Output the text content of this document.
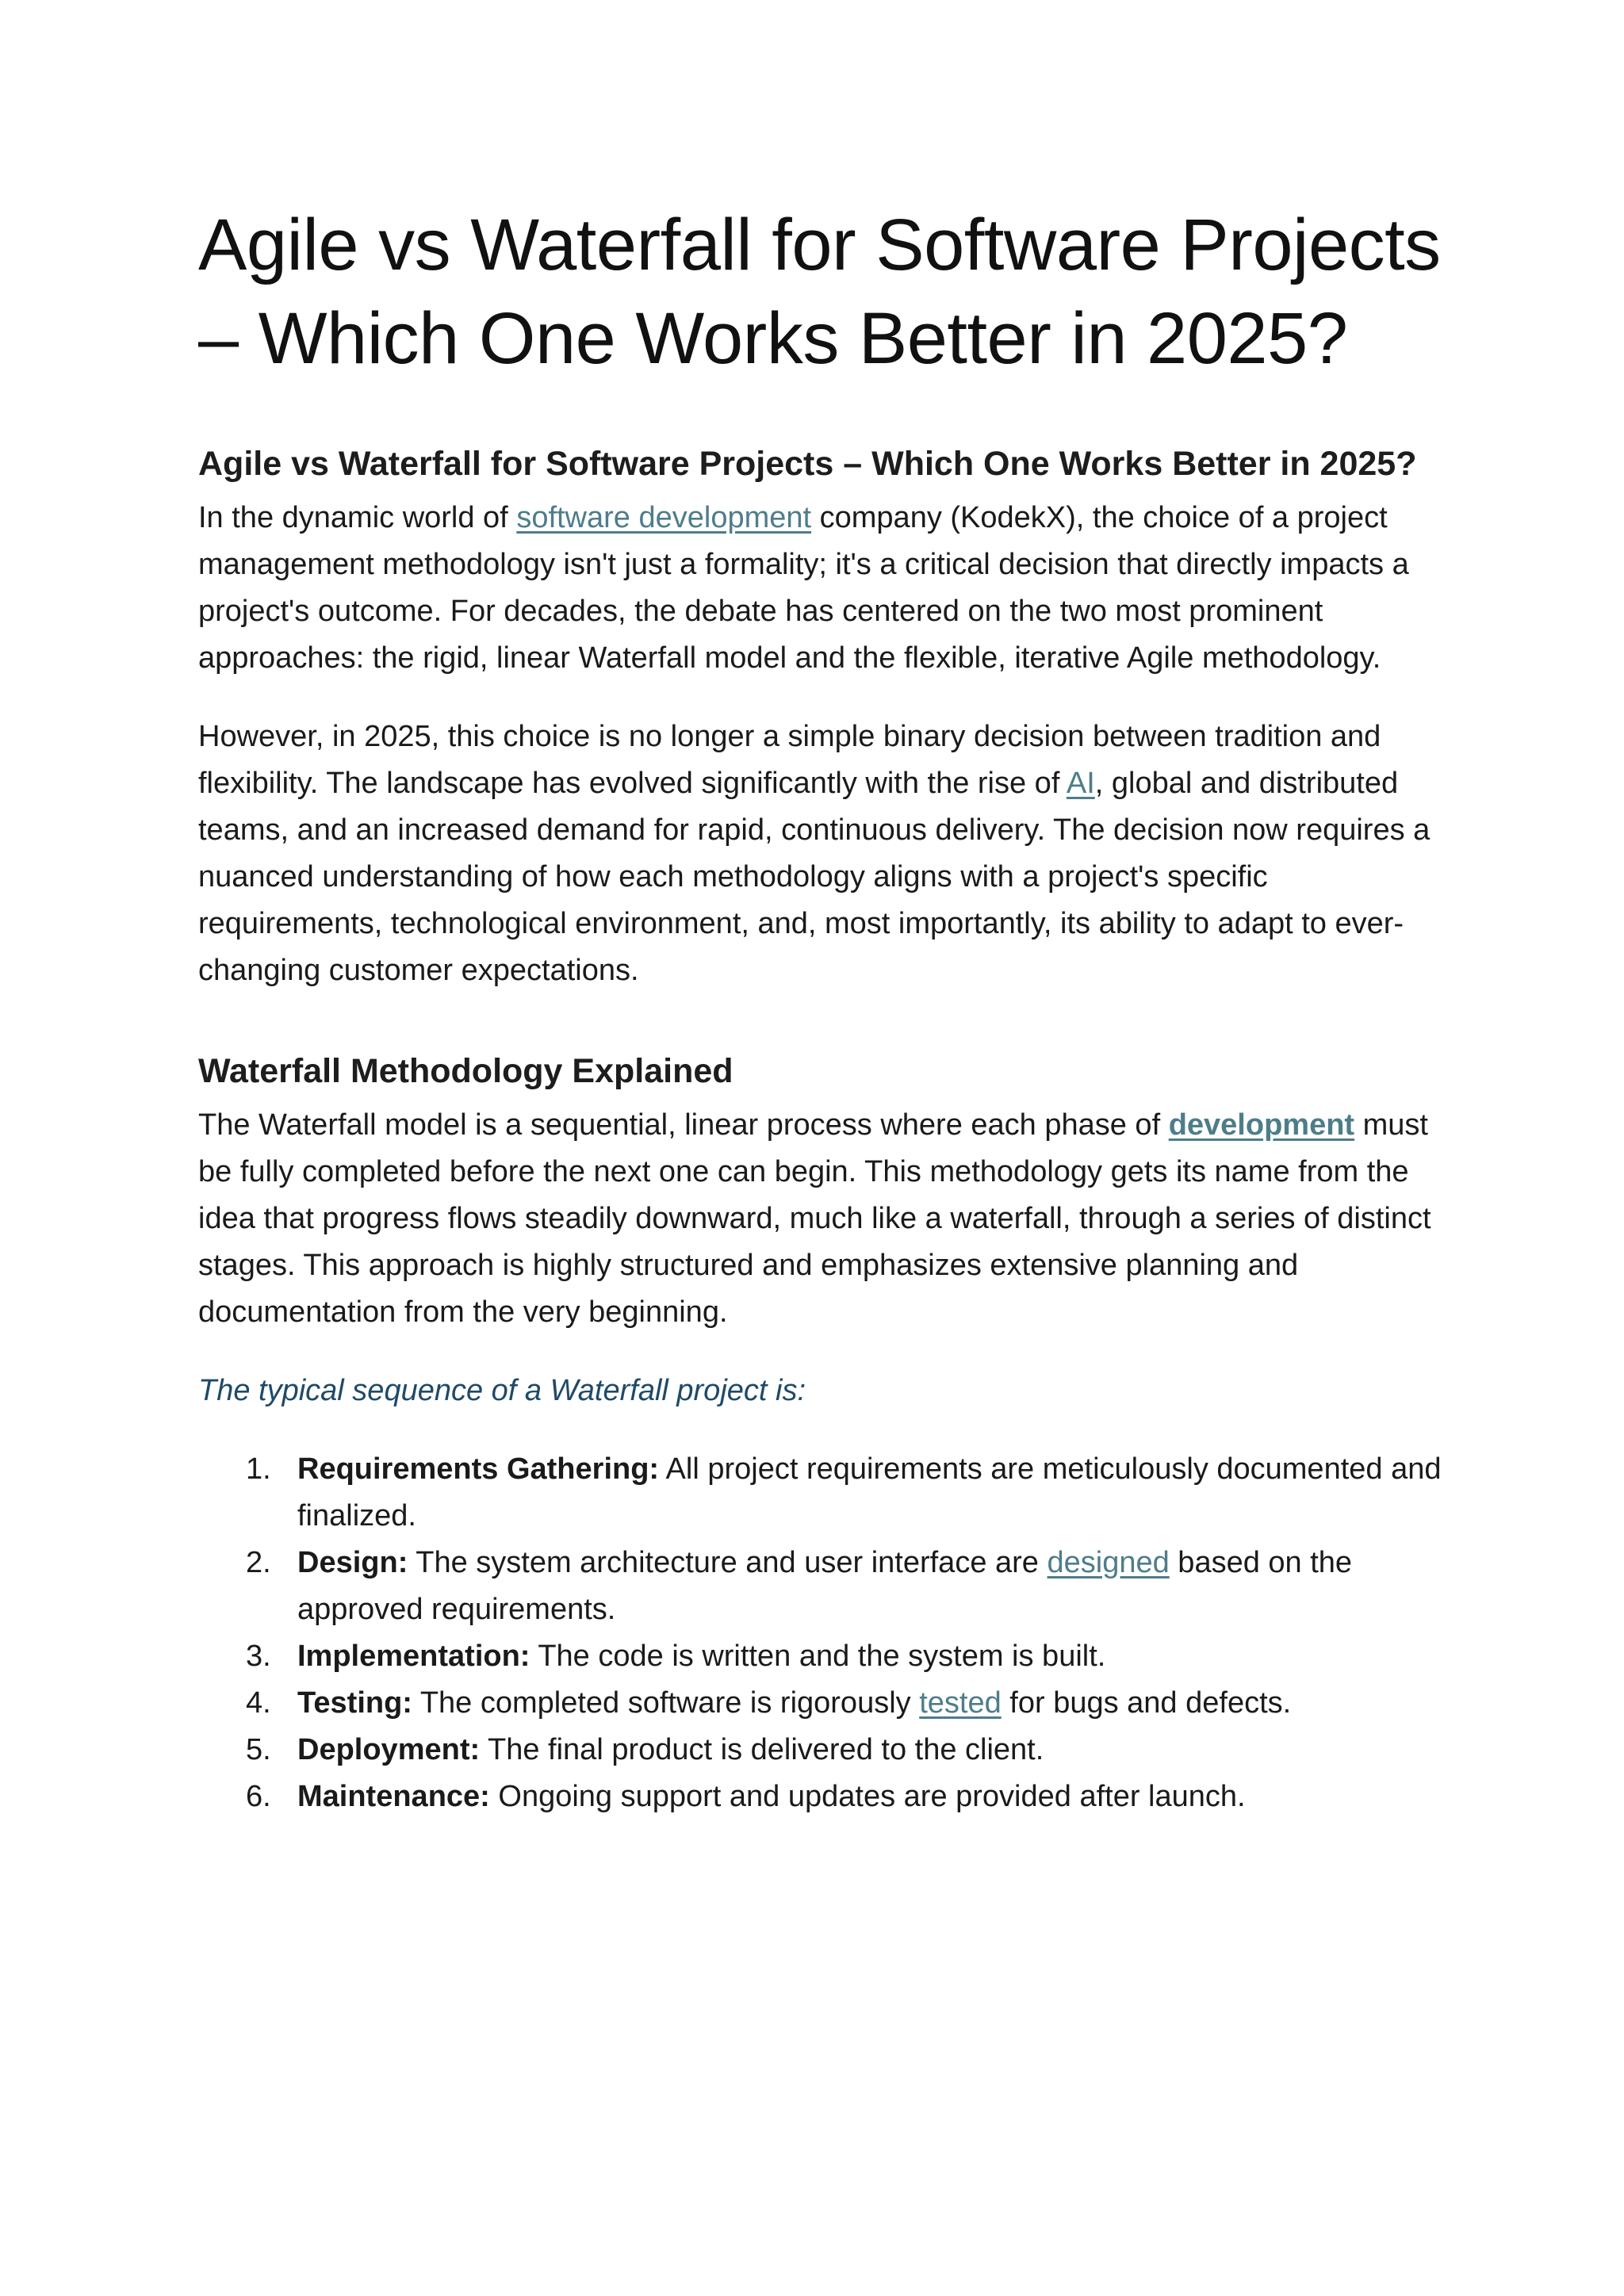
Agile vs Waterfall for Software Projects – Which One Works Better in 2025?
Agile vs Waterfall for Software Projects – Which One Works Better in 2025?

In the dynamic world of software development company (KodekX), the choice of a project management methodology isn't just a formality; it's a critical decision that directly impacts a project's outcome. For decades, the debate has centered on the two most prominent approaches: the rigid, linear Waterfall model and the flexible, iterative Agile methodology.

However, in 2025, this choice is no longer a simple binary decision between tradition and flexibility. The landscape has evolved significantly with the rise of AI, global and distributed teams, and an increased demand for rapid, continuous delivery. The decision now requires a nuanced understanding of how each methodology aligns with a project's specific requirements, technological environment, and, most importantly, its ability to adapt to ever-changing customer expectations.

Waterfall Methodology Explained

The Waterfall model is a sequential, linear process where each phase of development must be fully completed before the next one can begin. This methodology gets its name from the idea that progress flows steadily downward, much like a waterfall, through a series of distinct stages. This approach is highly structured and emphasizes extensive planning and documentation from the very beginning.

The typical sequence of a Waterfall project is:

1. Requirements Gathering: All project requirements are meticulously documented and finalized.
2. Design: The system architecture and user interface are designed based on the approved requirements.
3. Implementation: The code is written and the system is built.
4. Testing: The completed software is rigorously tested for bugs and defects.
5. Deployment: The final product is delivered to the client.
6. Maintenance: Ongoing support and updates are provided after launch.
